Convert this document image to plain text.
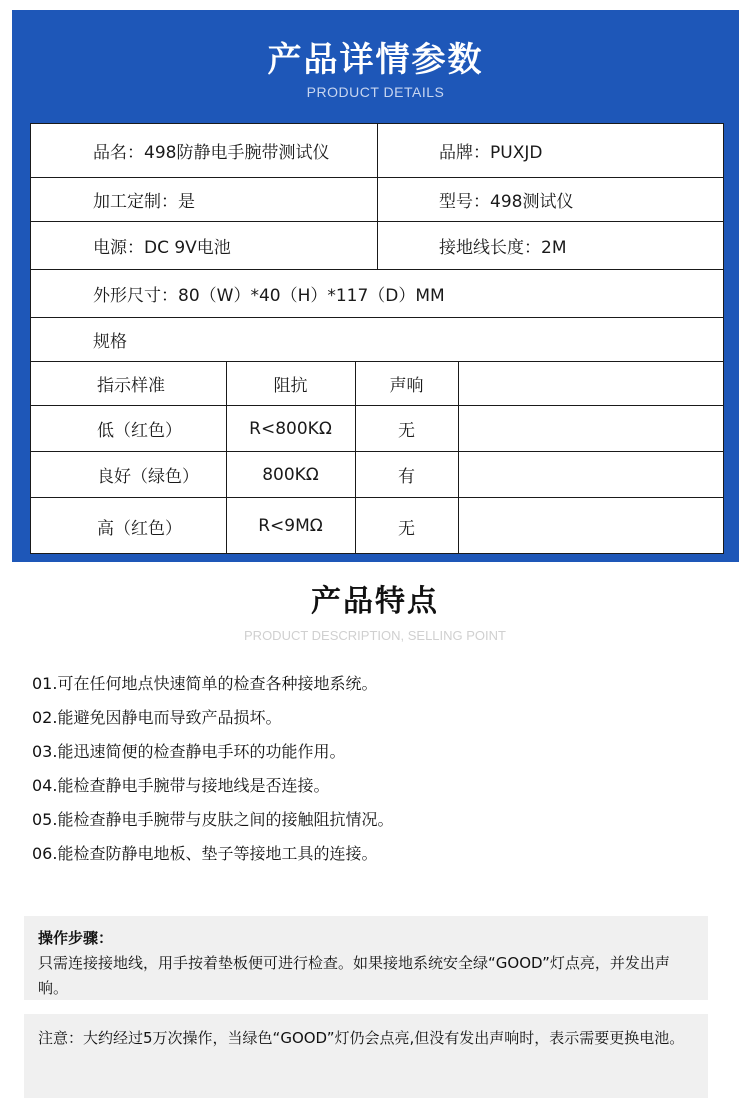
产品详情参数
PRODUCT DETAILS
品名：498防静电手腕带测试仪	品牌：PUXJD
加工定制：是	型号：498测试仪
电源：DC 9V电池	接地线长度：2M
外形尺寸：80（W）*40（H）*117（D）MM
规格
指示样准	阻抗	声响
低（红色）	R<800KΩ	无
良好（绿色）	800KΩ	有
高（红色）	R<9MΩ	无
产品特点
PRODUCT DESCRIPTION, SELLING POINT
01.可在任何地点快速简单的检查各种接地系统。
02.能避免因静电而导致产品损坏。
03.能迅速简便的检查静电手环的功能作用。
04.能检查静电手腕带与接地线是否连接。
05.能检查静电手腕带与皮肤之间的接触阻抗情况。
06.能检查防静电地板、垫子等接地工具的连接。
操作步骤：
只需连接接地线，用手按着垫板便可进行检查。如果接地系统安全绿“GOOD”灯点亮，并发出声响。
注意：大约经过5万次操作，当绿色“GOOD”灯仍会点亮,但没有发出声响时，表示需要更换电池。
